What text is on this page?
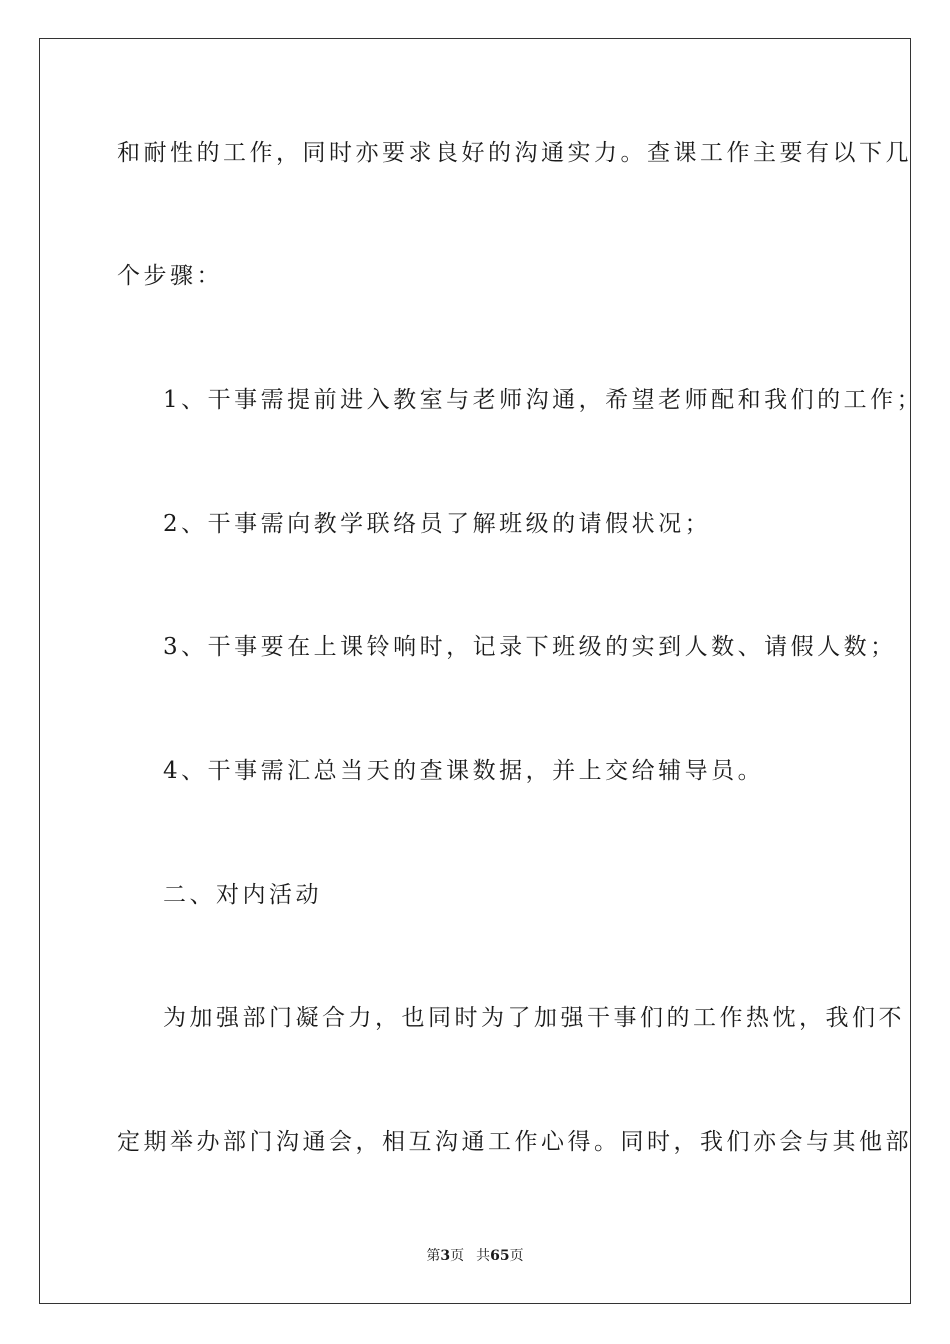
和耐性的工作，同时亦要求良好的沟通实力。查课工作主要有以下几
个步骤：
1、干事需提前进入教室与老师沟通，希望老师配和我们的工作；
2、干事需向教学联络员了解班级的请假状况；
3、干事要在上课铃响时，记录下班级的实到人数、请假人数；
4、干事需汇总当天的查课数据，并上交给辅导员。
二、对内活动
为加强部门凝合力，也同时为了加强干事们的工作热忱，我们不
定期举办部门沟通会，相互沟通工作心得。同时，我们亦会与其他部
第3页 共65页
